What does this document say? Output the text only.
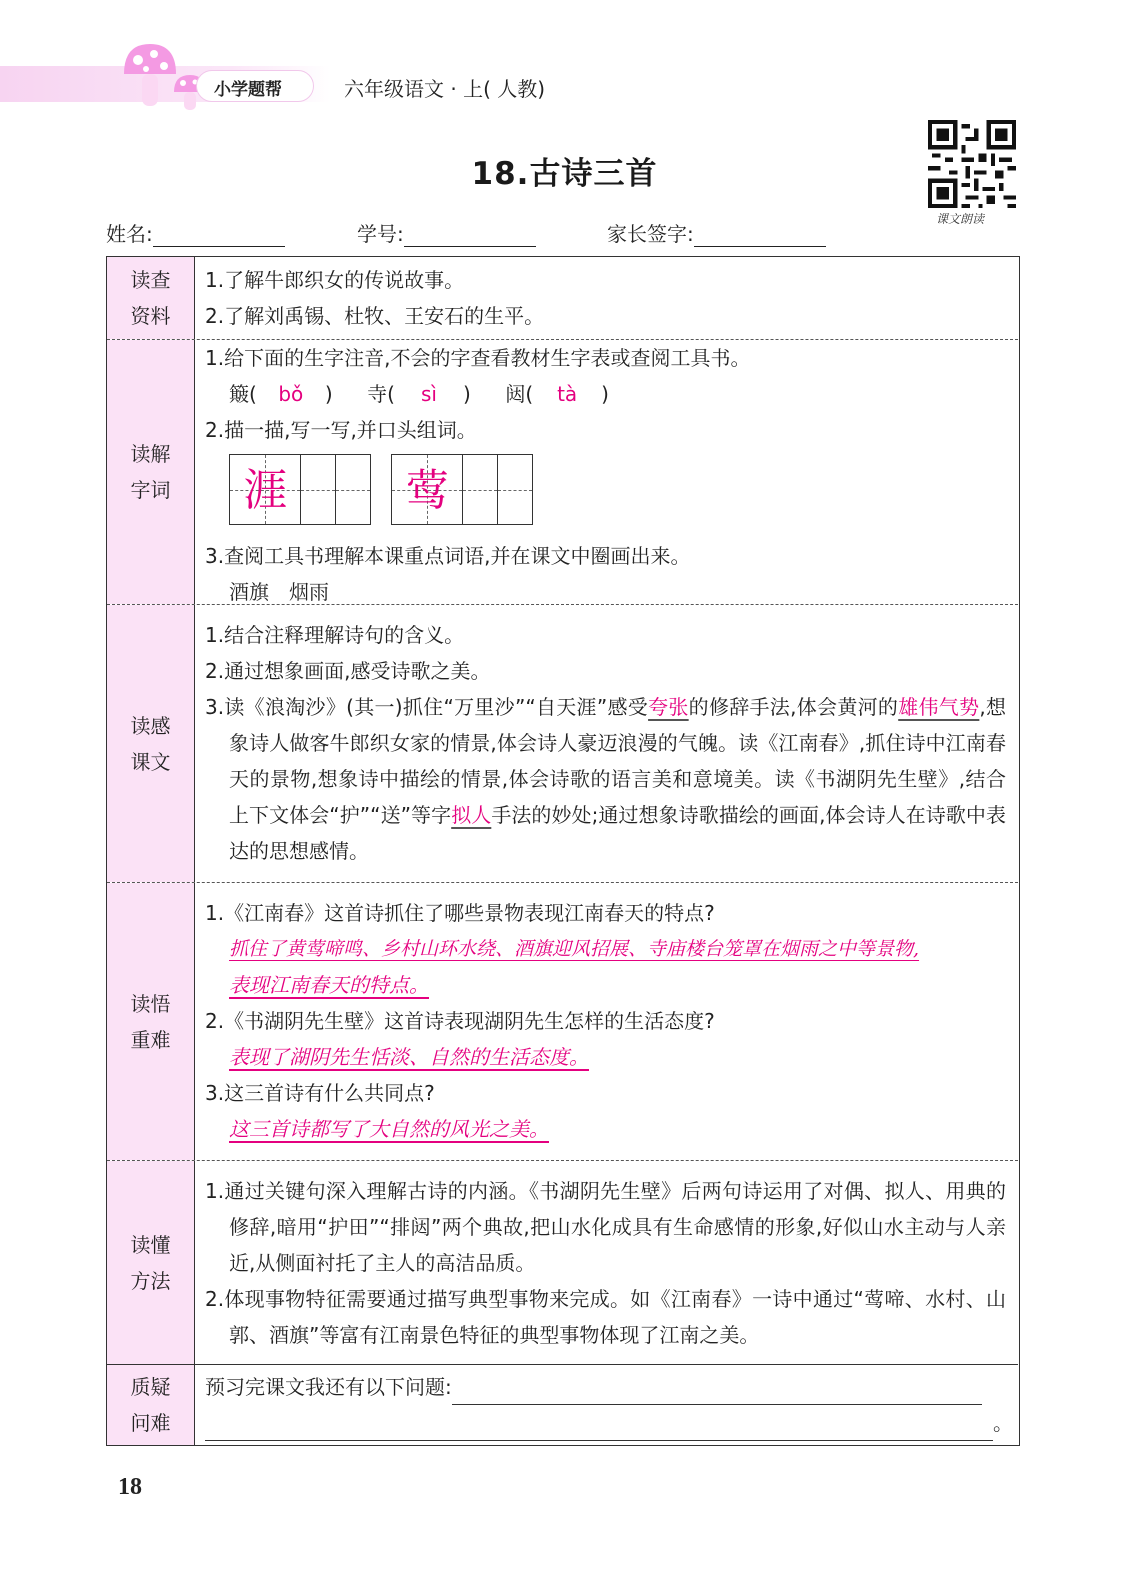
小学题帮	六年级语文 · 上( 人教)
18.古诗三首
课文朗读
姓名:	学号:	家长签字:
读查
资料
1.了解牛郎织女的传说故事。
2.了解刘禹锡、杜牧、王安石的生平。
读解
字词
1.给下面的生字注音,不会的字查看教材生字表或查阅工具书。
簸( bǒ ) 寺( sì ) 闼( tà )
2.描一描,写一写,并口头组词。
涯	莺
3.查阅工具书理解本课重点词语,并在课文中圈画出来。
酒旗　烟雨
读感
课文
1.结合注释理解诗句的含义。
2.通过想象画面,感受诗歌之美。
3.读《浪淘沙》(其一)抓住“万里沙”“自天涯”感受夸张的修辞手法,体会黄河的雄伟气势,想象诗人做客牛郎织女家的情景,体会诗人豪迈浪漫的气魄。读《江南春》,抓住诗中江南春天的景物,想象诗中描绘的情景,体会诗歌的语言美和意境美。读《书湖阴先生壁》,结合上下文体会“护”“送”等字拟人手法的妙处;通过想象诗歌描绘的画面,体会诗人在诗歌中表达的思想感情。
读悟
重难
1.《江南春》这首诗抓住了哪些景物表现江南春天的特点?
抓住了黄莺啼鸣、乡村山环水绕、酒旗迎风招展、寺庙楼台笼罩在烟雨之中等景物,
表现江南春天的特点。
2.《书湖阴先生壁》这首诗表现湖阴先生怎样的生活态度?
表现了湖阴先生恬淡、自然的生活态度。
3.这三首诗有什么共同点?
这三首诗都写了大自然的风光之美。
读懂
方法
1.通过关键句深入理解古诗的内涵。《书湖阴先生壁》后两句诗运用了对偶、拟人、用典的修辞,暗用“护田”“排闼”两个典故,把山水化成具有生命感情的形象,好似山水主动与人亲近,从侧面衬托了主人的高洁品质。
2.体现事物特征需要通过描写典型事物来完成。如《江南春》一诗中通过“莺啼、水村、山郭、酒旗”等富有江南景色特征的典型事物体现了江南之美。
质疑
问难
预习完课文我还有以下问题:
。
18
